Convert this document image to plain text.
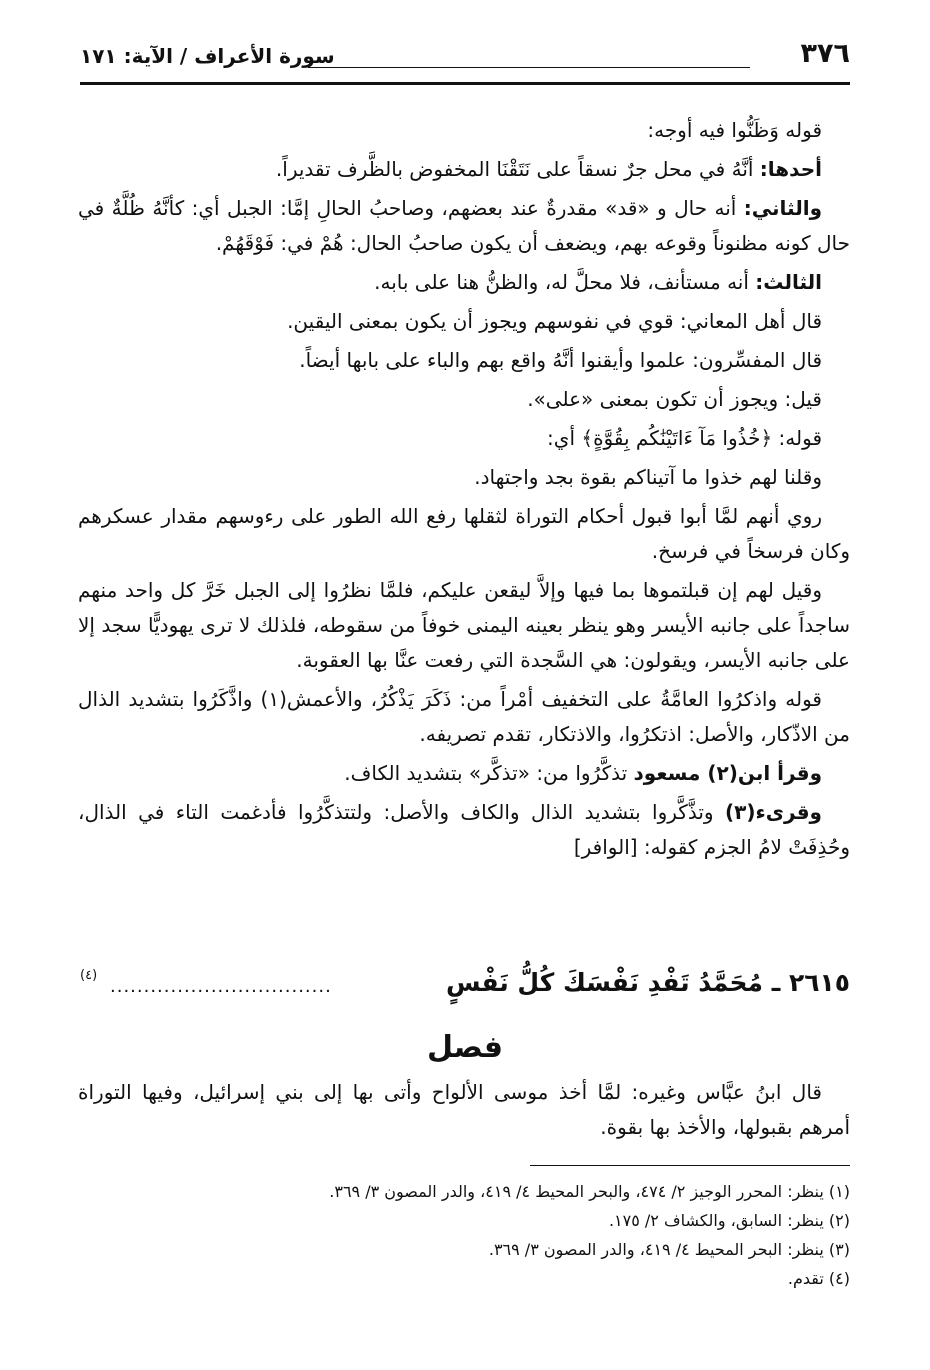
٣٧٦
سورة الأعراف / الآية: ١٧١

قوله وَظَنُّوا فيه أوجه:

أحدها: أنَّهُ في محل جرٌ نسقاً على نَتَقْنَا المخفوض بالظَّرف تقديراً.

والثاني: أنه حال و «قد» مقدرةٌ عند بعضهم، وصاحبُ الحالِ إمَّا: الجبل أي: كأنَّهُ ظُلَّةٌ في حال كونه مظنوناً وقوعه بهم، ويضعف أن يكون صاحبُ الحال: هُمْ في: فَوْقَهُمْ.

الثالث: أنه مستأنف، فلا محلَّ له، والظنُّ هنا على بابه.

قال أهل المعاني: قوي في نفوسهم ويجوز أن يكون بمعنى اليقين.

قال المفسِّرون: علموا وأيقنوا أنَّهُ واقع بهم والباء على بابها أيضاً.

قيل: ويجوز أن تكون بمعنى «على».

قوله: ﴿خُذُوا مَآ ءَاتَيْنَٰكُم بِقُوَّةٍ﴾ أي:

وقلنا لهم خذوا ما آتيناكم بقوة بجد واجتهاد.

روي أنهم لمَّا أبوا قبول أحكام التوراة لثقلها رفع الله الطور على رءوسهم مقدار عسكرهم وكان فرسخاً في فرسخ.

وقيل لهم إن قبلتموها بما فيها وإلاَّ ليقعن عليكم، فلمَّا نظرُوا إلى الجبل خَرَّ كل واحد منهم ساجداً على جانبه الأيسر وهو ينظر بعينه اليمنى خوفاً من سقوطه، فلذلك لا ترى يهوديًّا سجد إلا على جانبه الأيسر، ويقولون: هي السَّجدة التي رفعت عنَّا بها العقوبة.

قوله واذكرُوا العامَّةُ على التخفيف أمْراً من: ذَكَرَ يَذْكُرُ، والأعمش(١) واذَّكَرُوا بتشديد الذال من الاذّكار، والأصل: اذتكرُوا، والاذتكار، تقدم تصريفه.

وقرأ ابن(٢) مسعود تذكَّرُوا من: «تذكَّر» بتشديد الكاف.

وقرىء(٣) وتذَّكَّروا بتشديد الذال والكاف والأصل: ولتتذكَّرُوا فأدغمت التاء في الذال، وحُذِفَتْ لامُ الجزم كقوله: [الوافر]

٢٦١٥ ـ مُحَمَّدُ تَفْدِ نَفْسَكَ كُلُّ نَفْسٍ
.................................
(٤)
فصل

قال ابنُ عبَّاس وغيره: لمَّا أخذ موسى الألواح وأتى بها إلى بني إسرائيل، وفيها التوراة أمرهم بقبولها، والأخذ بها بقوة.

(١) ينظر: المحرر الوجيز ٢/ ٤٧٤، والبحر المحيط ٤/ ٤١٩، والدر المصون ٣/ ٣٦٩.
(٢) ينظر: السابق، والكشاف ٢/ ١٧٥.
(٣) ينظر: البحر المحيط ٤/ ٤١٩، والدر المصون ٣/ ٣٦٩.
(٤) تقدم.
